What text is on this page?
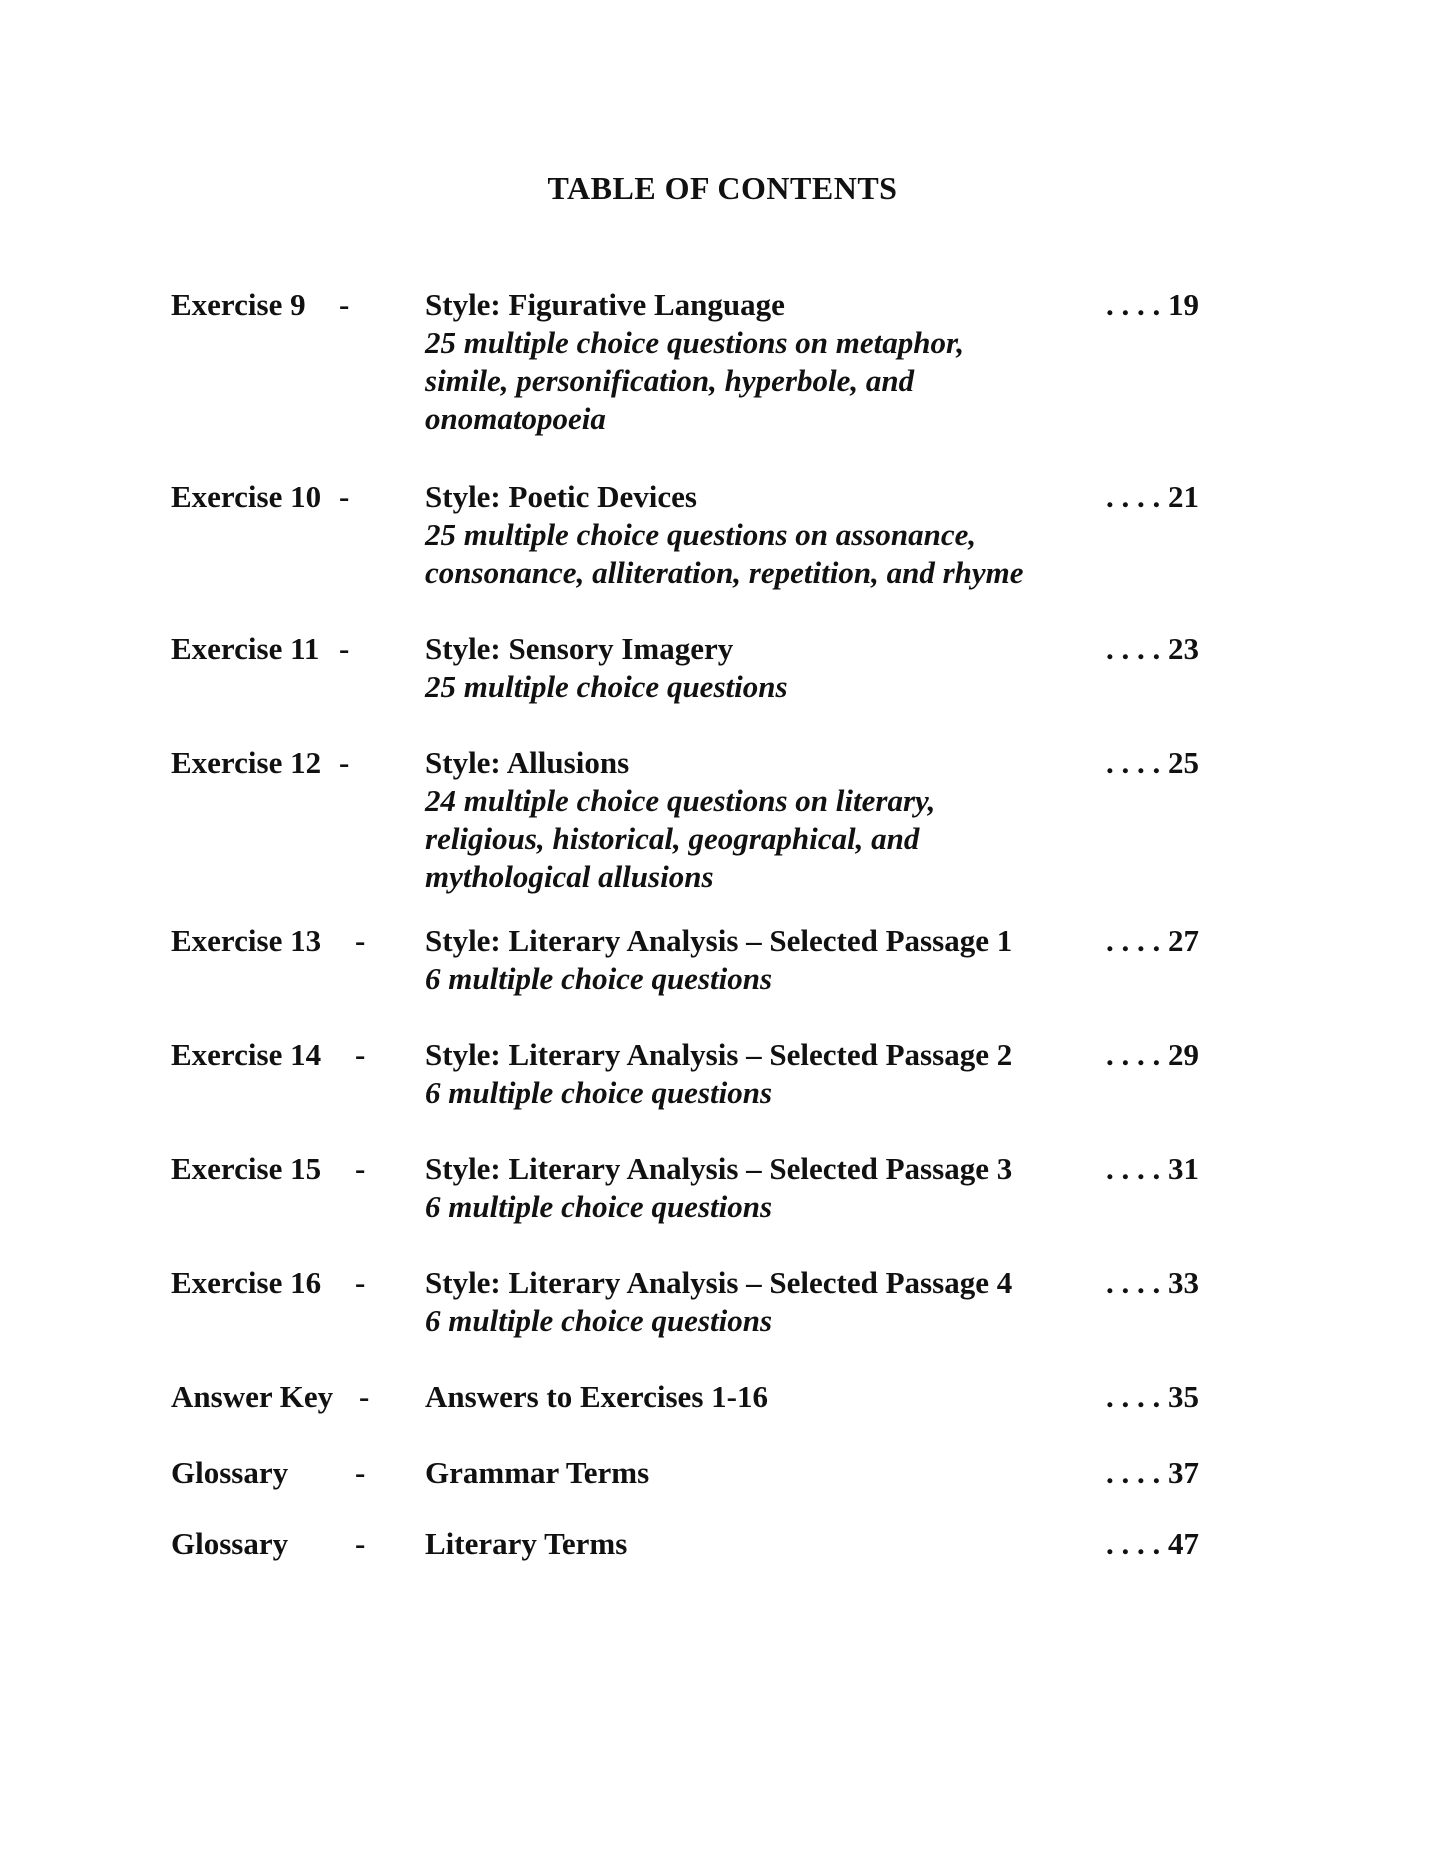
TABLE OF CONTENTS
Exercise 9	- Style: Figurative Language
25 multiple choice questions on metaphor,
simile, personification, hyperbole, and
onomatopoeia
. . . . 19
Exercise 10 - Style: Poetic Devices
25 multiple choice questions on assonance,
consonance, alliteration, repetition, and rhyme
. . . . 21
Exercise 11 - Style: Sensory Imagery
25 multiple choice questions
. . . . 23
Exercise 12 - Style: Allusions
24 multiple choice questions on literary,
religious, historical, geographical, and
mythological allusions
. . . . 25
Exercise 13	- Style: Literary Analysis – Selected Passage 1
6 multiple choice questions
. . . . 27
Exercise 14	- Style: Literary Analysis – Selected Passage 2
6 multiple choice questions
. . . . 29
Exercise 15	- Style: Literary Analysis – Selected Passage 3
6 multiple choice questions
. . . . 31
Exercise 16	- Style: Literary Analysis – Selected Passage 4
6 multiple choice questions
. . . . 33
Answer Key - Answers to Exercises 1-16	. . . . 35
Glossary	- Grammar Terms	. . . . 37
Glossary	- Literary Terms	. . . . 47
